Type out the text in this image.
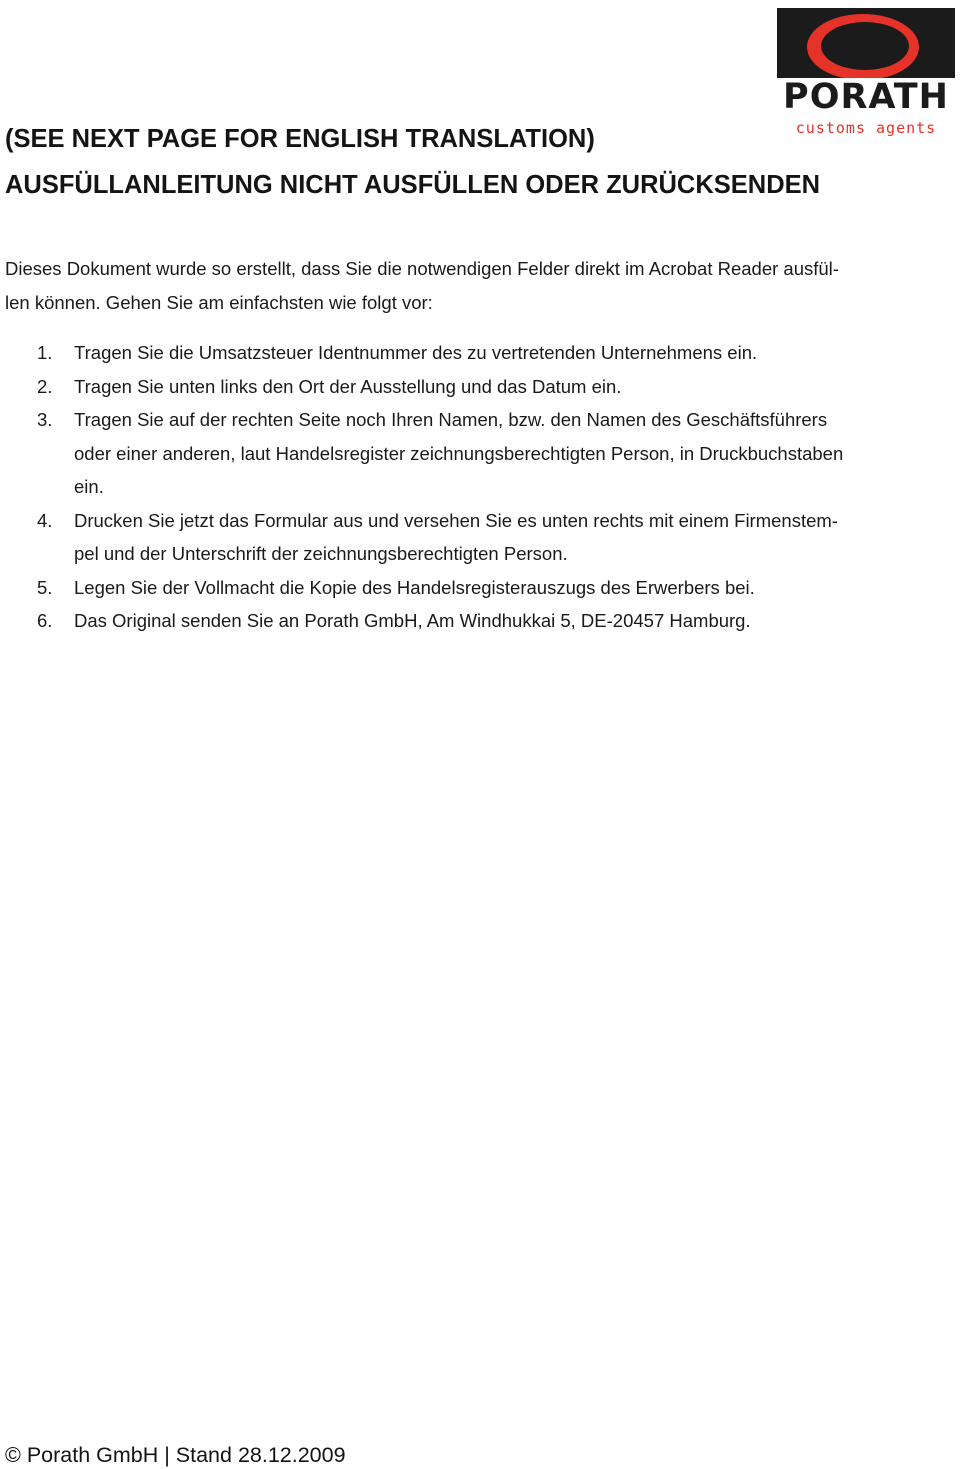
PORATH
customs agents
(SEE NEXT PAGE FOR ENGLISH TRANSLATION)
AUSFÜLLANLEITUNG NICHT AUSFÜLLEN ODER ZURÜCKSENDEN

Dieses Dokument wurde so erstellt, dass Sie die notwendigen Felder direkt im Acrobat Reader ausfül-
len können. Gehen Sie am einfachsten wie folgt vor:

1. Tragen Sie die Umsatzsteuer Identnummer des zu vertretenden Unternehmens ein.
2. Tragen Sie unten links den Ort der Ausstellung und das Datum ein.
3. Tragen Sie auf der rechten Seite noch Ihren Namen, bzw. den Namen des Geschäftsführers
oder einer anderen, laut Handelsregister zeichnungsberechtigten Person, in Druckbuchstaben
ein.
4. Drucken Sie jetzt das Formular aus und versehen Sie es unten rechts mit einem Firmenstem-
pel und der Unterschrift der zeichnungsberechtigten Person.
5. Legen Sie der Vollmacht die Kopie des Handelsregisterauszugs des Erwerbers bei.
6. Das Original senden Sie an Porath GmbH, Am Windhukkai 5, DE-20457 Hamburg.
© Porath GmbH | Stand 28.12.2009
